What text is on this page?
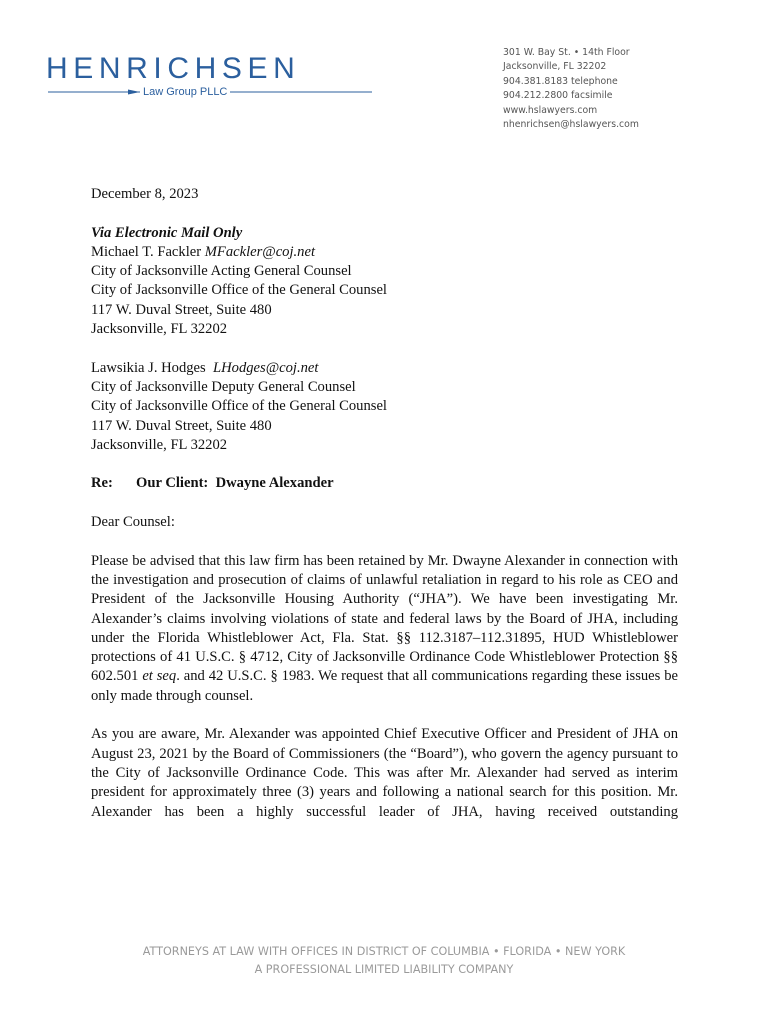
HENRICHSEN
Law Group PLLC
301 W. Bay St. • 14th Floor
Jacksonville, FL 32202
904.381.8183 telephone
904.212.2800 facsimile
www.hslawyers.com
nhenrichsen@hslawyers.com

December 8, 2023

Via Electronic Mail Only

Michael T. Fackler MFackler@coj.net

City of Jacksonville Acting General Counsel

City of Jacksonville Office of the General Counsel

117 W. Duval Street, Suite 480

Jacksonville, FL 32202

Lawsikia J. Hodges  LHodges@coj.net

City of Jacksonville Deputy General Counsel

City of Jacksonville Office of the General Counsel

117 W. Duval Street, Suite 480

Jacksonville, FL 32202

Re: Our Client:  Dwayne Alexander

Dear Counsel:

Please be advised that this law firm has been retained by Mr. Dwayne Alexander in connection with the investigation and prosecution of claims of unlawful retaliation in regard to his role as CEO and President of the Jacksonville Housing Authority (“JHA”). We have been investigating Mr. Alexander’s claims involving violations of state and federal laws by the Board of JHA, including under the Florida Whistleblower Act, Fla. Stat. §§ 112.3187–112.31895, HUD Whistleblower protections of 41 U.S.C. § 4712, City of Jacksonville Ordinance Code Whistleblower Protection §§ 602.501 et seq. and 42 U.S.C. § 1983. We request that all communications regarding these issues be only made through counsel.

As you are aware, Mr. Alexander was appointed Chief Executive Officer and President of JHA on August 23, 2021 by the Board of Commissioners (the “Board”), who govern the agency pursuant to the City of Jacksonville Ordinance Code. This was after Mr. Alexander had served as interim president for approximately three (3) years and following a national search for this position. Mr. Alexander has been a highly successful leader of JHA, having received outstanding

ATTORNEYS AT LAW WITH OFFICES IN DISTRICT OF COLUMBIA • FLORIDA • NEW YORK
A PROFESSIONAL LIMITED LIABILITY COMPANY
